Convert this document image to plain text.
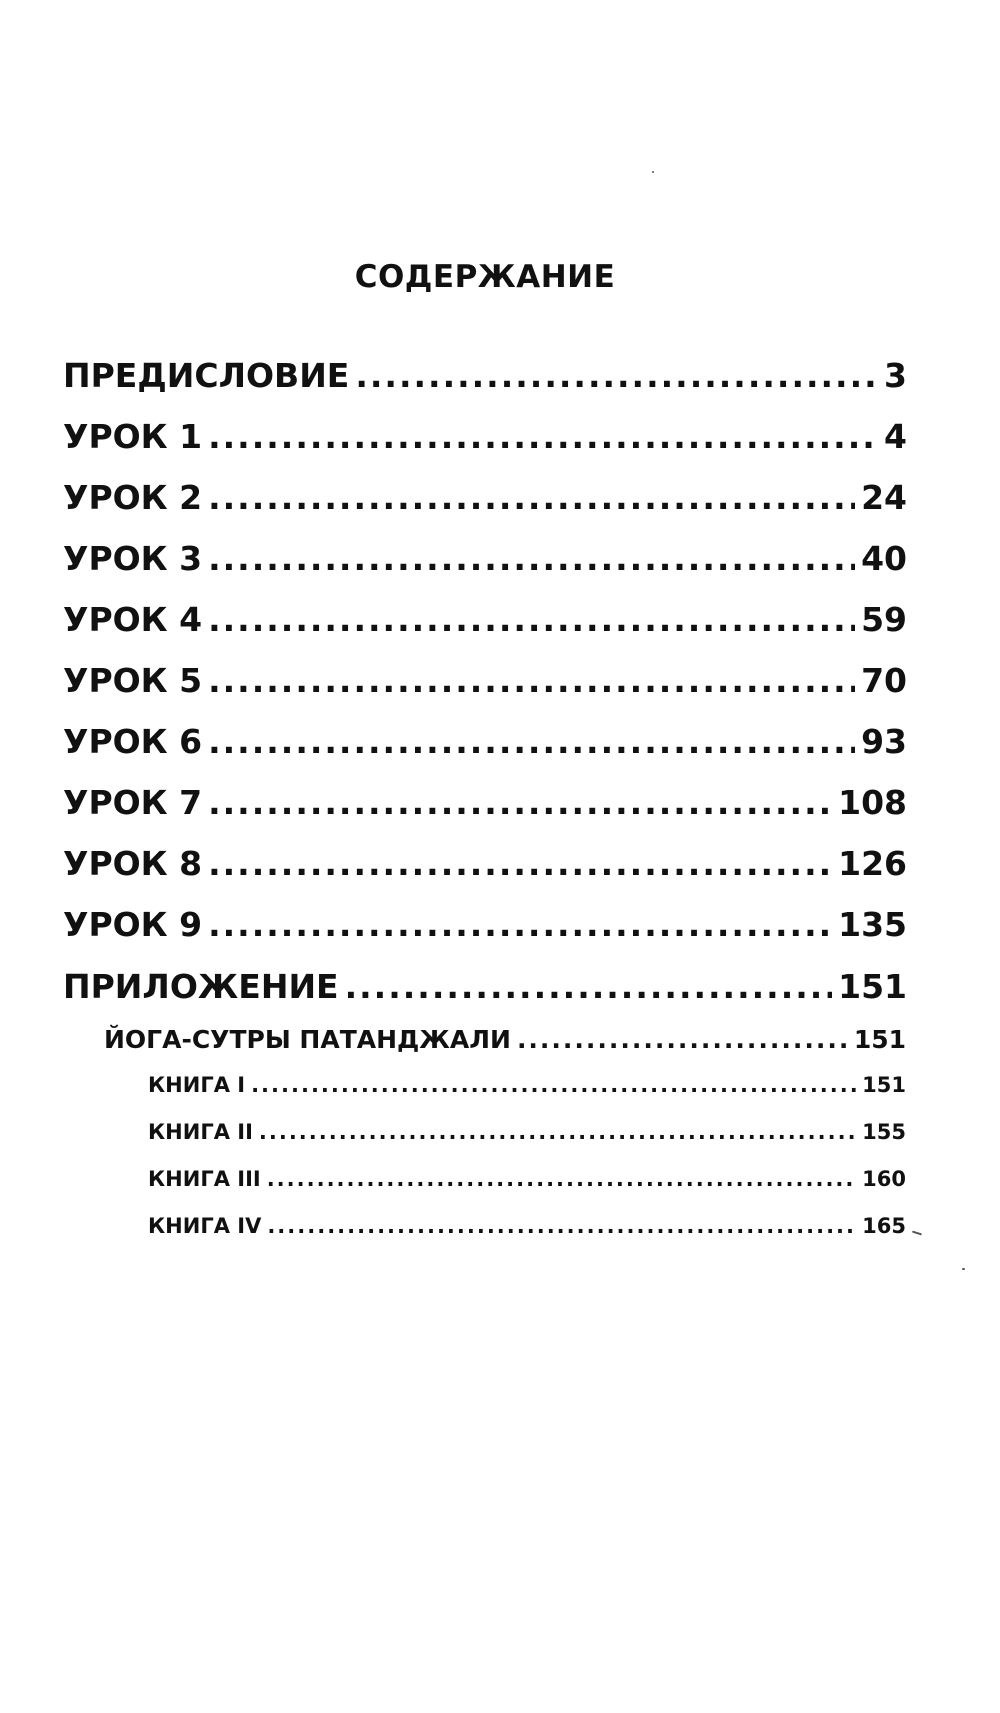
СОДЕРЖАНИЕ
ПРЕДИСЛОВИЕ .....	3
УРОК 1 .....	4
УРОК 2 .....	24
УРОК 3 .....	40
УРОК 4 .....	59
УРОК 5 .....	70
УРОК 6 .....	93
УРОК 7 .....	108
УРОК 8 .....	126
УРОК 9 .....	135
ПРИЛОЖЕНИЕ .....	151
ЙОГА-СУТРЫ ПАТАНДЖАЛИ .....	151
КНИГА I .....	151
КНИГА II .....	155
КНИГА III .....	160
КНИГА IV .....	165
